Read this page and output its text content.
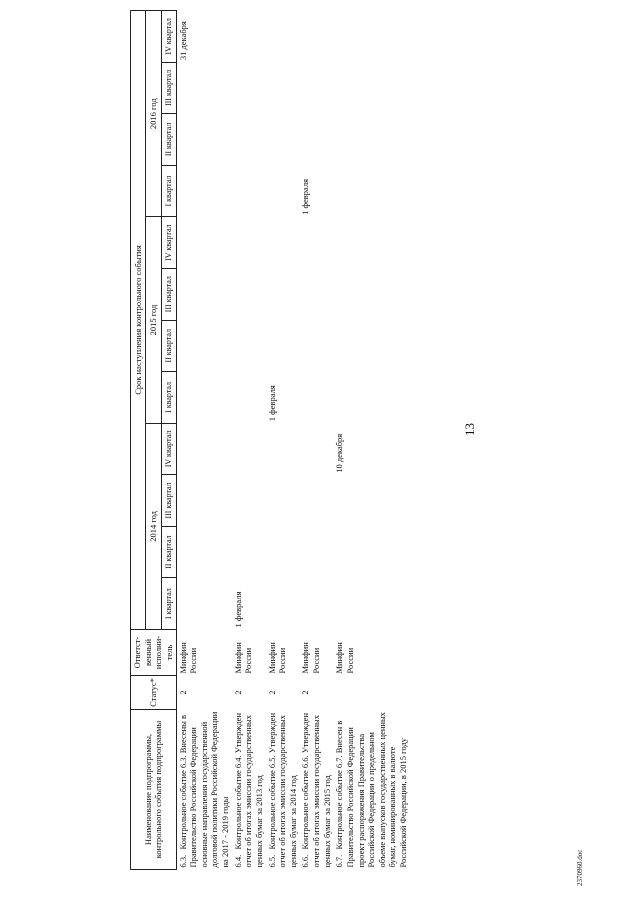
13
2370960.doc
Наименование подпрограммы, контрольного события подпрограммы	Статус*	Ответст-венный исполни-тель	Срок наступления контрольного события											
			2014 год				2015 год				2016 год			
			I квартал	II квартал	III квартал	IV квартал	I квартал	II квартал	III квартал	IV квартал	I квартал	II квартал	III квартал	IV квартал
6.3.Контрольное событие 6.3. Внесены в Правительство Российской Федерации основные направления государственной долговой политики Российской Федерации на 2017 - 2019 годы	2	Минфин России												31 декабря
6.4.Контрольное событие 6.4. Утвержден отчет об итогах эмиссии государственных ценных бумаг за 2013 год	2	Минфин России	1 февраля											
6.5.Контрольное событие 6.5. Утвержден отчет об итогах эмиссии государственных ценных бумаг за 2014 год	2	Минфин России					1 февраля							
6.6.Контрольное событие 6.6. Утвержден отчет об итогах эмиссии государственных ценных бумаг за 2015 год	2	Минфин России									1 февраля			
6.7.Контрольное событие 6.7. Внесен в Правительство Российской Федерации проект распоряжения Правительства Российской Федерации о предельном объеме выпусков государственных ценных бумаг, номинированных в валюте Российской Федерации, в 2015 году		Минфин России				10 декабря								
